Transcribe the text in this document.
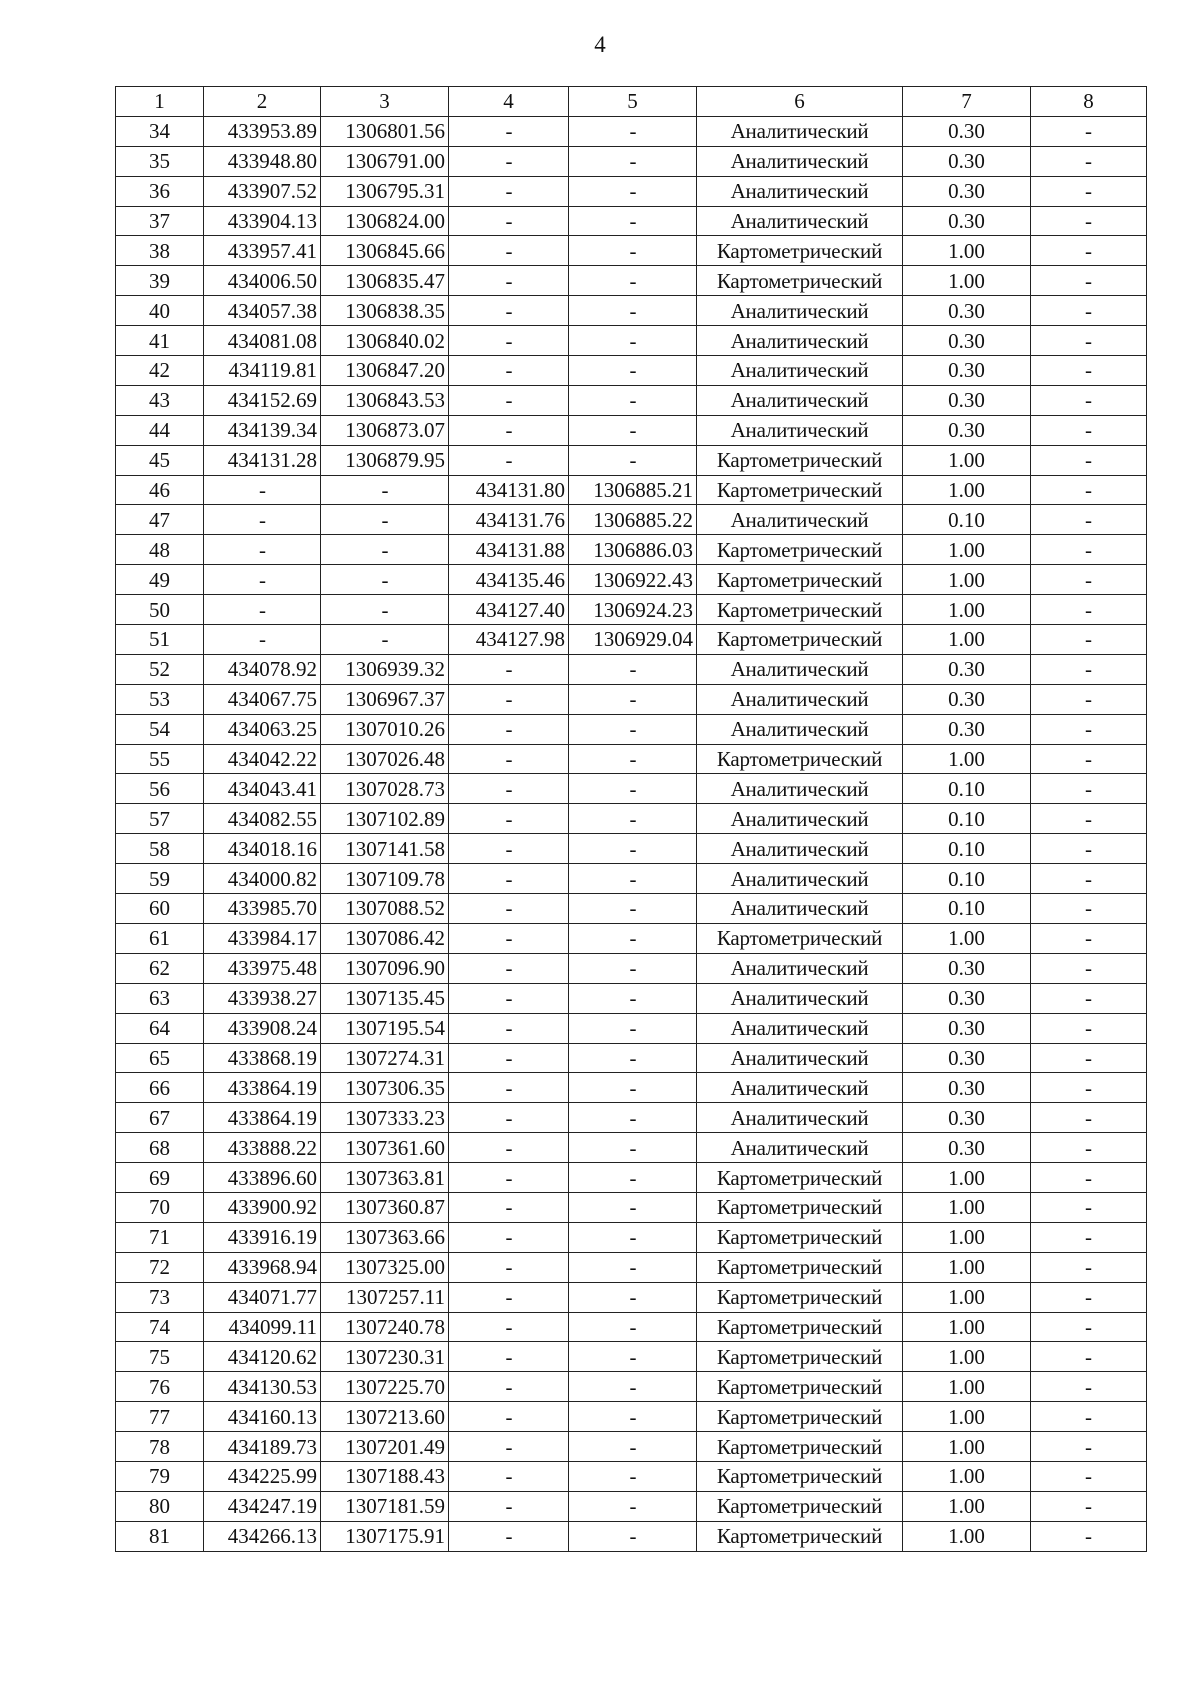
4
1	2	3	4	5	6	7	8
34	433953.89	1306801.56	-	-	Аналитический	0.30	-
35	433948.80	1306791.00	-	-	Аналитический	0.30	-
36	433907.52	1306795.31	-	-	Аналитический	0.30	-
37	433904.13	1306824.00	-	-	Аналитический	0.30	-
38	433957.41	1306845.66	-	-	Картометрический	1.00	-
39	434006.50	1306835.47	-	-	Картометрический	1.00	-
40	434057.38	1306838.35	-	-	Аналитический	0.30	-
41	434081.08	1306840.02	-	-	Аналитический	0.30	-
42	434119.81	1306847.20	-	-	Аналитический	0.30	-
43	434152.69	1306843.53	-	-	Аналитический	0.30	-
44	434139.34	1306873.07	-	-	Аналитический	0.30	-
45	434131.28	1306879.95	-	-	Картометрический	1.00	-
46	-	-	434131.80	1306885.21	Картометрический	1.00	-
47	-	-	434131.76	1306885.22	Аналитический	0.10	-
48	-	-	434131.88	1306886.03	Картометрический	1.00	-
49	-	-	434135.46	1306922.43	Картометрический	1.00	-
50	-	-	434127.40	1306924.23	Картометрический	1.00	-
51	-	-	434127.98	1306929.04	Картометрический	1.00	-
52	434078.92	1306939.32	-	-	Аналитический	0.30	-
53	434067.75	1306967.37	-	-	Аналитический	0.30	-
54	434063.25	1307010.26	-	-	Аналитический	0.30	-
55	434042.22	1307026.48	-	-	Картометрический	1.00	-
56	434043.41	1307028.73	-	-	Аналитический	0.10	-
57	434082.55	1307102.89	-	-	Аналитический	0.10	-
58	434018.16	1307141.58	-	-	Аналитический	0.10	-
59	434000.82	1307109.78	-	-	Аналитический	0.10	-
60	433985.70	1307088.52	-	-	Аналитический	0.10	-
61	433984.17	1307086.42	-	-	Картометрический	1.00	-
62	433975.48	1307096.90	-	-	Аналитический	0.30	-
63	433938.27	1307135.45	-	-	Аналитический	0.30	-
64	433908.24	1307195.54	-	-	Аналитический	0.30	-
65	433868.19	1307274.31	-	-	Аналитический	0.30	-
66	433864.19	1307306.35	-	-	Аналитический	0.30	-
67	433864.19	1307333.23	-	-	Аналитический	0.30	-
68	433888.22	1307361.60	-	-	Аналитический	0.30	-
69	433896.60	1307363.81	-	-	Картометрический	1.00	-
70	433900.92	1307360.87	-	-	Картометрический	1.00	-
71	433916.19	1307363.66	-	-	Картометрический	1.00	-
72	433968.94	1307325.00	-	-	Картометрический	1.00	-
73	434071.77	1307257.11	-	-	Картометрический	1.00	-
74	434099.11	1307240.78	-	-	Картометрический	1.00	-
75	434120.62	1307230.31	-	-	Картометрический	1.00	-
76	434130.53	1307225.70	-	-	Картометрический	1.00	-
77	434160.13	1307213.60	-	-	Картометрический	1.00	-
78	434189.73	1307201.49	-	-	Картометрический	1.00	-
79	434225.99	1307188.43	-	-	Картометрический	1.00	-
80	434247.19	1307181.59	-	-	Картометрический	1.00	-
81	434266.13	1307175.91	-	-	Картометрический	1.00	-
